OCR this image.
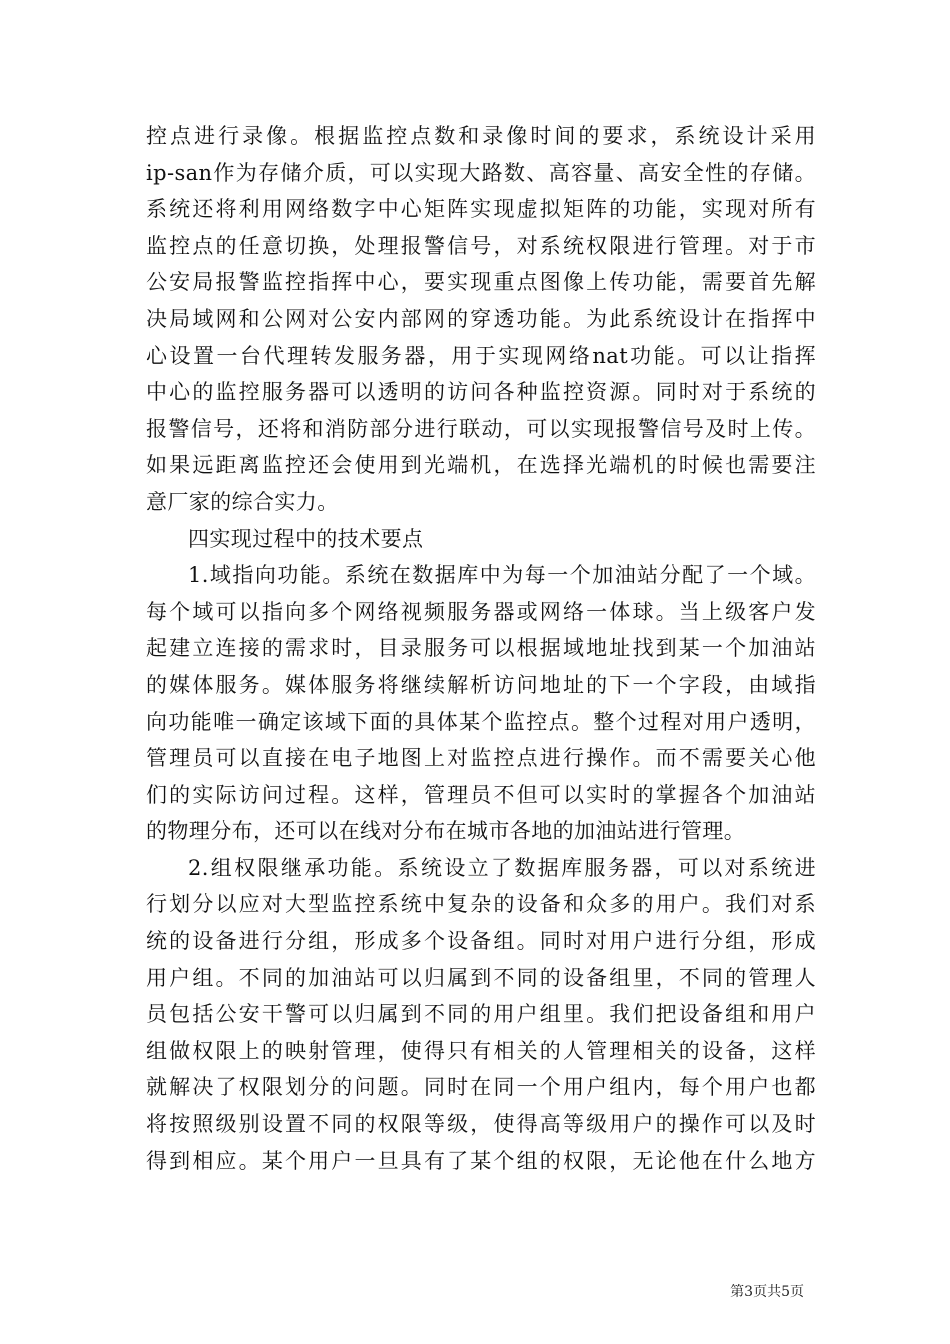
控点进行录像。根据监控点数和录像时间的要求，系统设计采用
ip-san作为存储介质，可以实现大路数、高容量、高安全性的存储。
系统还将利用网络数字中心矩阵实现虚拟矩阵的功能，实现对所有
监控点的任意切换，处理报警信号，对系统权限进行管理。对于市
公安局报警监控指挥中心，要实现重点图像上传功能，需要首先解
决局域网和公网对公安内部网的穿透功能。为此系统设计在指挥中
心设置一台代理转发服务器，用于实现网络nat功能。可以让指挥
中心的监控服务器可以透明的访问各种监控资源。同时对于系统的
报警信号，还将和消防部分进行联动，可以实现报警信号及时上传。
如果远距离监控还会使用到光端机，在选择光端机的时候也需要注
意厂家的综合实力。
四实现过程中的技术要点
1.域指向功能。系统在数据库中为每一个加油站分配了一个域。
每个域可以指向多个网络视频服务器或网络一体球。当上级客户发
起建立连接的需求时，目录服务可以根据域地址找到某一个加油站
的媒体服务。媒体服务将继续解析访问地址的下一个字段，由域指
向功能唯一确定该域下面的具体某个监控点。整个过程对用户透明，
管理员可以直接在电子地图上对监控点进行操作。而不需要关心他
们的实际访问过程。这样，管理员不但可以实时的掌握各个加油站
的物理分布，还可以在线对分布在城市各地的加油站进行管理。
2.组权限继承功能。系统设立了数据库服务器，可以对系统进
行划分以应对大型监控系统中复杂的设备和众多的用户。我们对系
统的设备进行分组，形成多个设备组。同时对用户进行分组，形成
用户组。不同的加油站可以归属到不同的设备组里，不同的管理人
员包括公安干警可以归属到不同的用户组里。我们把设备组和用户
组做权限上的映射管理，使得只有相关的人管理相关的设备，这样
就解决了权限划分的问题。同时在同一个用户组内，每个用户也都
将按照级别设置不同的权限等级，使得高等级用户的操作可以及时
得到相应。某个用户一旦具有了某个组的权限，无论他在什么地方
第3页共5页
